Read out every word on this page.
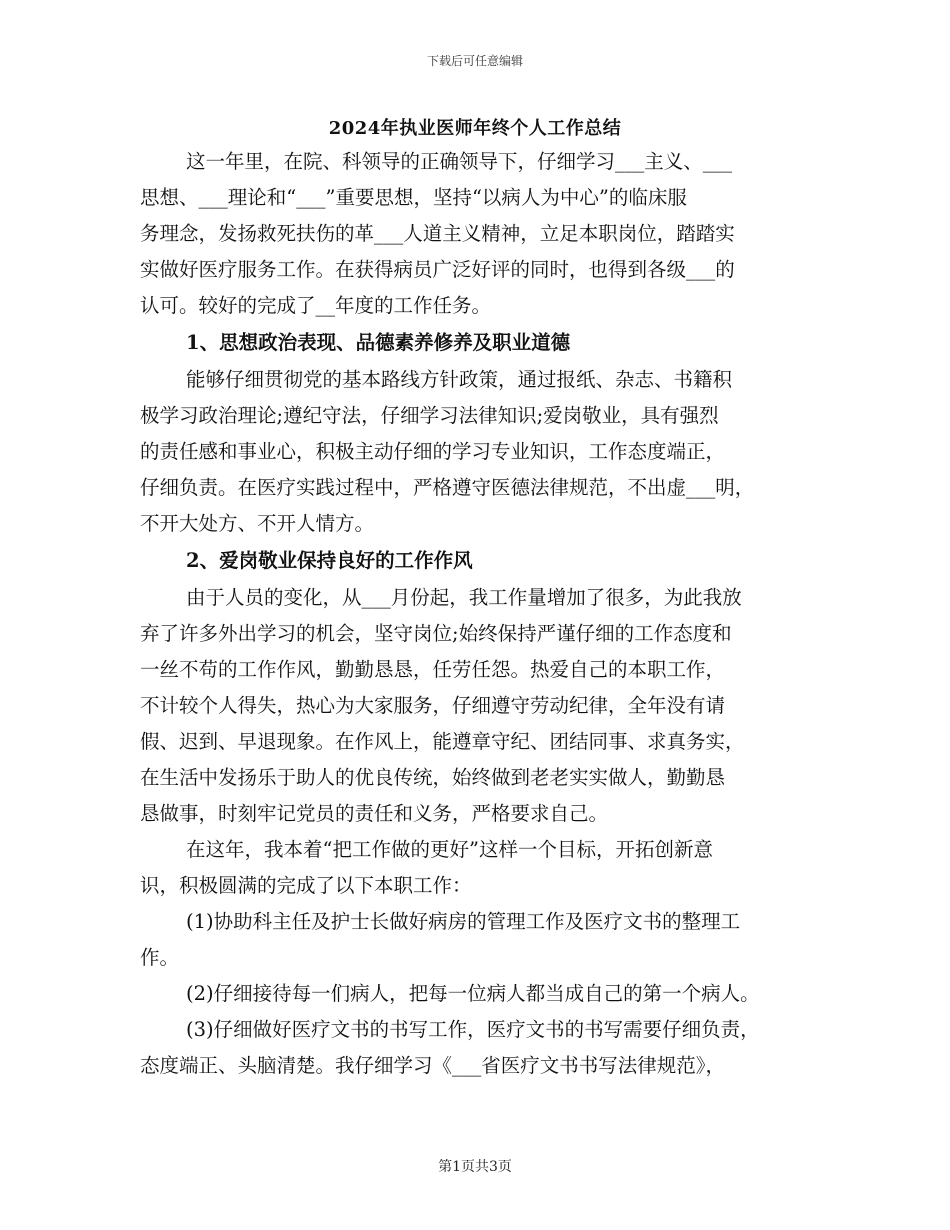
下载后可任意编辑
2024年执业医师年终个人工作总结
这一年里，在院、科领导的正确领导下，仔细学习___主义、___
思想、___理论和“___”重要思想，坚持“以病人为中心”的临床服
务理念，发扬救死扶伤的革___人道主义精神，立足本职岗位，踏踏实
实做好医疗服务工作。在获得病员广泛好评的同时，也得到各级___的
认可。较好的完成了__年度的工作任务。
1、思想政治表现、品德素养修养及职业道德
能够仔细贯彻党的基本路线方针政策，通过报纸、杂志、书籍积
极学习政治理论;遵纪守法，仔细学习法律知识;爱岗敬业，具有强烈
的责任感和事业心，积极主动仔细的学习专业知识，工作态度端正，
仔细负责。在医疗实践过程中，严格遵守医德法律规范，不出虚___明，
不开大处方、不开人情方。
2、爱岗敬业保持良好的工作作风
由于人员的变化，从___月份起，我工作量增加了很多，为此我放
弃了许多外出学习的机会，坚守岗位;始终保持严谨仔细的工作态度和
一丝不苟的工作作风，勤勤恳恳，任劳任怨。热爱自己的本职工作，
不计较个人得失，热心为大家服务，仔细遵守劳动纪律，全年没有请
假、迟到、早退现象。在作风上，能遵章守纪、团结同事、求真务实，
在生活中发扬乐于助人的优良传统，始终做到老老实实做人，勤勤恳
恳做事，时刻牢记党员的责任和义务，严格要求自己。
在这年，我本着“把工作做的更好”这样一个目标，开拓创新意
识，积极圆满的完成了以下本职工作：
(1)协助科主任及护士长做好病房的管理工作及医疗文书的整理工
作。
(2)仔细接待每一们病人，把每一位病人都当成自己的第一个病人。
(3)仔细做好医疗文书的书写工作，医疗文书的书写需要仔细负责，
态度端正、头脑清楚。我仔细学习《___省医疗文书书写法律规范》，
第1页共3页
